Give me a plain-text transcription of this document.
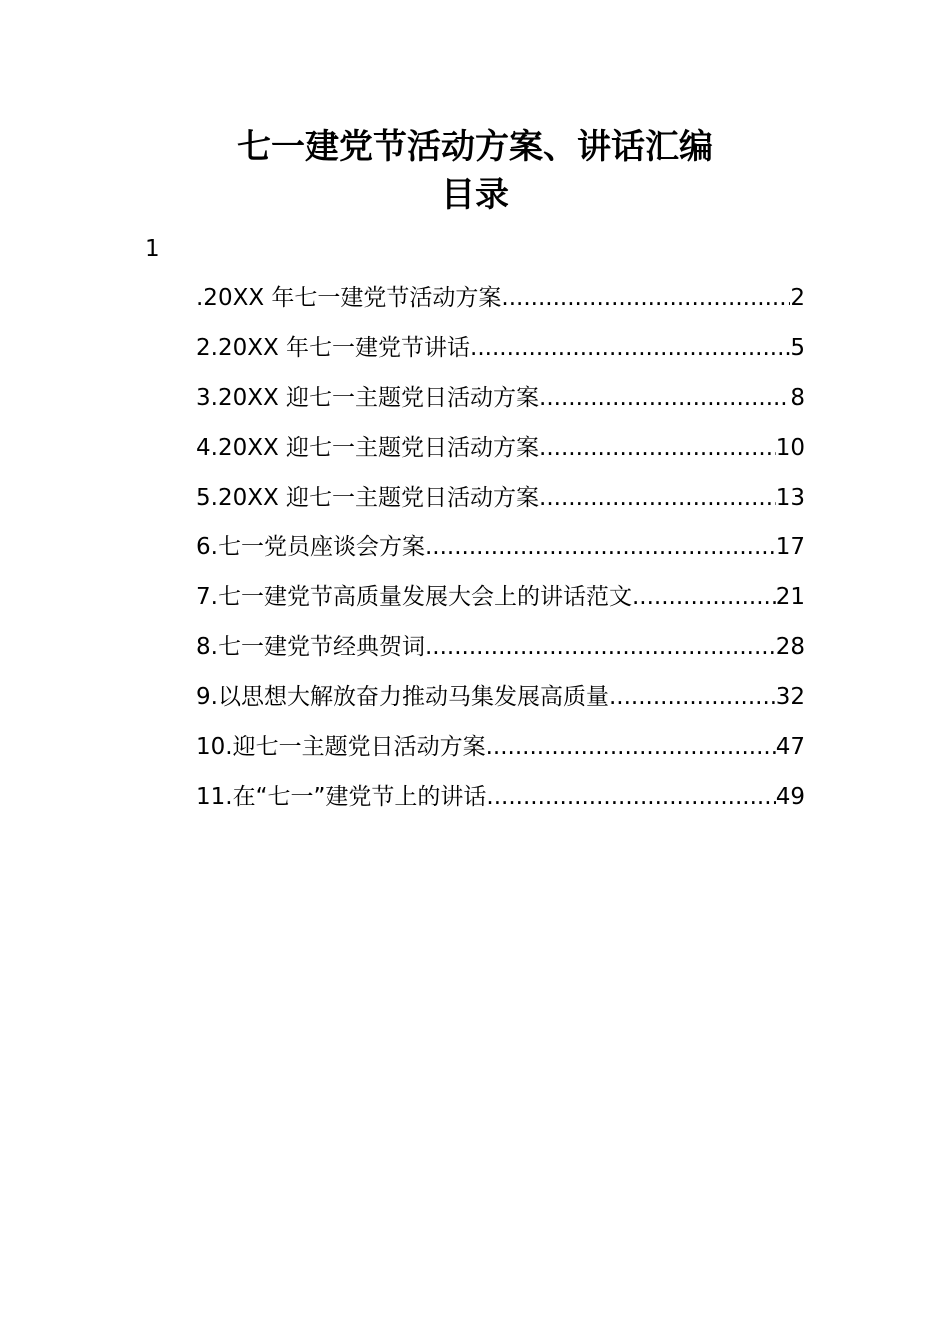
七一建党节活动方案、讲话汇编
目录
1
.20XX 年七一建党节活动方案 .....	2
2.20XX 年七一建党节讲话 .....	5
3.20XX 迎七一主题党日活动方案 .....	8
4.20XX 迎七一主题党日活动方案 .....	10
5.20XX 迎七一主题党日活动方案 .....	13
6.七一党员座谈会方案 .....	17
7.七一建党节高质量发展大会上的讲话范文 .....	21
8.七一建党节经典贺词 .....	28
9.以思想大解放奋力推动马集发展高质量 .....	32
10.迎七一主题党日活动方案 .....	47
11.在“七一”建党节上的讲话 .....	49
